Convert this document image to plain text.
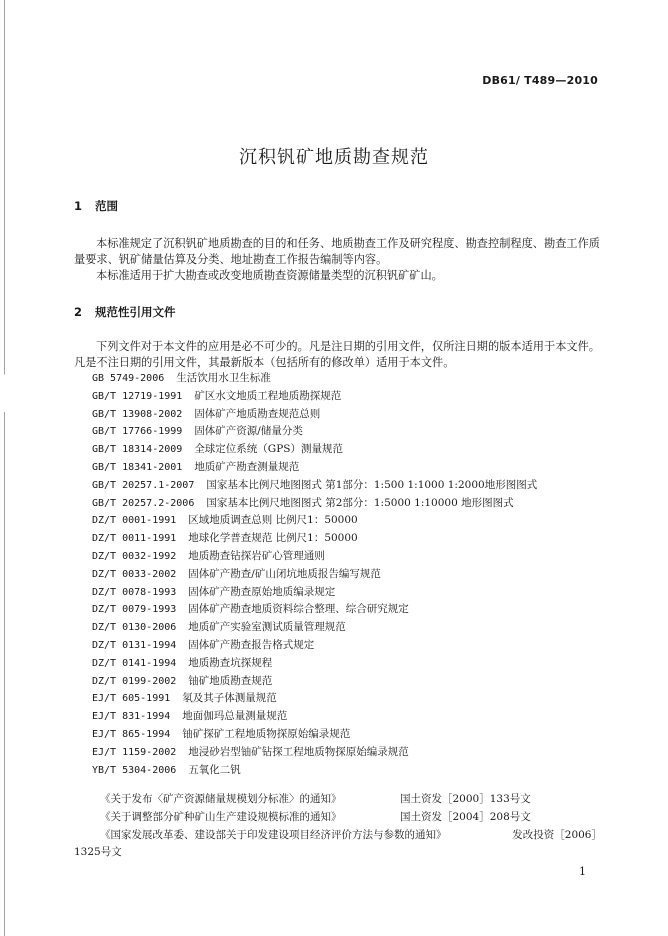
DB61/ T489—2010
沉积钒矿地质勘查规范
1 范围

本标准规定了沉积钒矿地质勘查的目的和任务、地质勘查工作及研究程度、勘查控制程度、勘查工作质量要求、钒矿储量估算及分类、地址勘查工作报告编制等内容。

本标准适用于扩大勘查或改变地质勘查资源储量类型的沉积钒矿矿山。

2 规范性引用文件

下列文件对于本文件的应用是必不可少的。凡是注日期的引用文件，仅所注日期的版本适用于本文件。凡是不注日期的引用文件，其最新版本（包括所有的修改单）适用于本文件。

GB 5749-2006 生活饮用水卫生标准
GB/T 12719-1991 矿区水文地质工程地质勘探规范
GB/T 13908-2002 固体矿产地质勘查规范总则
GB/T 17766-1999 固体矿产资源/储量分类
GB/T 18314-2009 全球定位系统（GPS）测量规范
GB/T 18341-2001 地质矿产勘查测量规范
GB/T 20257.1-2007 国家基本比例尺地图图式 第1部分：1:500 1:1000 1:2000地形图图式
GB/T 20257.2-2006 国家基本比例尺地图图式 第2部分：1:5000 1:10000 地形图图式
DZ/T 0001-1991 区域地质调查总则 比例尺1：50000
DZ/T 0011-1991 地球化学普查规范 比例尺1：50000
DZ/T 0032-1992 地质勘查钻探岩矿心管理通则
DZ/T 0033-2002 固体矿产勘查/矿山闭坑地质报告编写规范
DZ/T 0078-1993 固体矿产勘查原始地质编录规定
DZ/T 0079-1993 固体矿产勘查地质资料综合整理、综合研究规定
DZ/T 0130-2006 地质矿产实验室测试质量管理规范
DZ/T 0131-1994 固体矿产勘查报告格式规定
DZ/T 0141-1994 地质勘查坑探规程
DZ/T 0199-2002 铀矿地质勘查规范
EJ/T 605-1991 氡及其子体测量规范
EJ/T 831-1994 地面伽玛总量测量规范
EJ/T 865-1994 铀矿探矿工程地质物探原始编录规范
EJ/T 1159-2002 地浸砂岩型铀矿钻探工程地质物探原始编录规范
YB/T 5304-2006 五氧化二钒
《关于发布〈矿产资源储量规模划分标准〉的通知》	国土资发［2000］133号文
《关于调整部分矿种矿山生产建设规模标准的通知》	国土资发［2004］208号文
《国家发展改革委、建设部关于印发建设项目经济评价方法与参数的通知》	发改投资［2006］
1325号文
1
